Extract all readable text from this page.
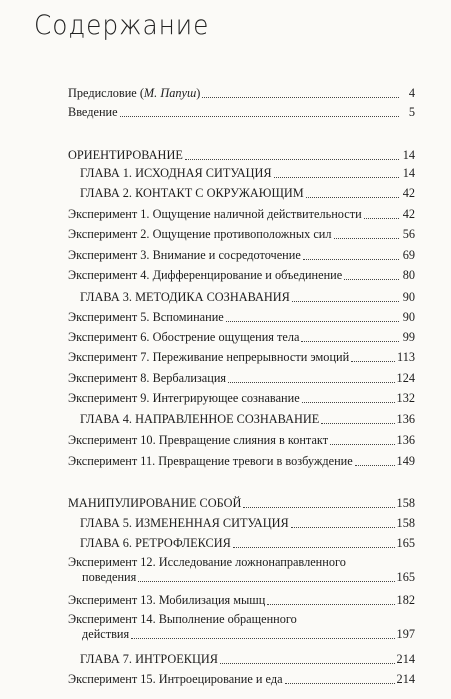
Содержание
Предисловие (М. Папуш)	4
Введение	5
ОРИЕНТИРОВАНИЕ	14
ГЛАВА 1. ИСХОДНАЯ СИТУАЦИЯ	14
ГЛАВА 2. КОНТАКТ С ОКРУЖАЮЩИМ	42
Эксперимент 1. Ощущение наличной действительности	42
Эксперимент 2. Ощущение противоположных сил	56
Эксперимент 3. Внимание и сосредоточение	69
Эксперимент 4. Дифференцирование и объединение	80
ГЛАВА 3. МЕТОДИКА СОЗНАВАНИЯ	90
Эксперимент 5. Вспоминание	90
Эксперимент 6. Обострение ощущения тела	99
Эксперимент 7. Переживание непрерывности эмоций	113
Эксперимент 8. Вербализация	124
Эксперимент 9. Интегрирующее сознавание	132
ГЛАВА 4. НАПРАВЛЕННОЕ СОЗНАВАНИЕ	136
Эксперимент 10. Превращение слияния в контакт	136
Эксперимент 11. Превращение тревоги в возбуждение	149
МАНИПУЛИРОВАНИЕ СОБОЙ	158
ГЛАВА 5. ИЗМЕНЕННАЯ СИТУАЦИЯ	158
ГЛАВА 6. РЕТРОФЛЕКСИЯ	165
Эксперимент 12. Исследование ложнонаправленного
поведения	165
Эксперимент 13. Мобилизация мышц	182
Эксперимент 14. Выполнение обращенного
действия	197
ГЛАВА 7. ИНТРОЕКЦИЯ	214
Эксперимент 15. Интроецирование и еда	214
